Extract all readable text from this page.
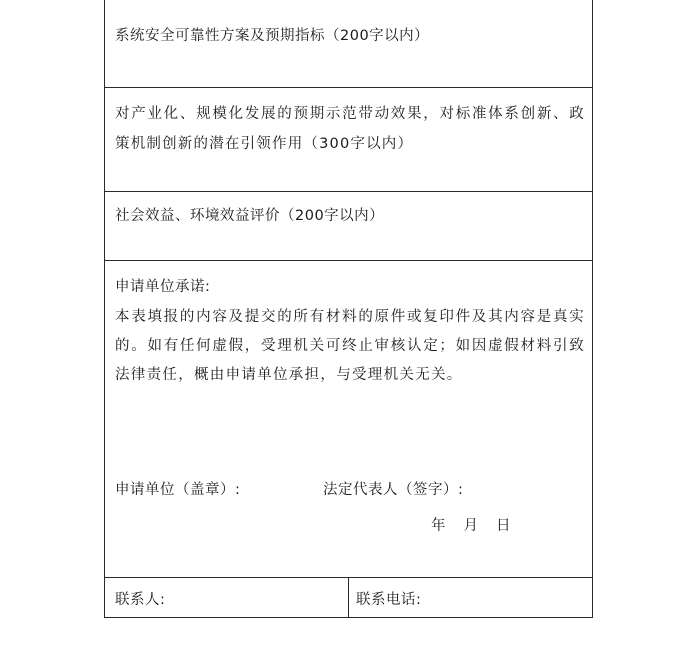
系统安全可靠性方案及预期指标（200字以内）
对产业化、规模化发展的预期示范带动效果，对标准体系创新、政策机制创新的潜在引领作用（300字以内）
社会效益、环境效益评价（200字以内）
申请单位承诺:
本表填报的内容及提交的所有材料的原件或复印件及其内容是真实的。如有任何虚假，受理机关可终止审核认定；如因虚假材料引致法律责任，概由申请单位承担，与受理机关无关。
申请单位（盖章）:	法定代表人（签字）:
年 月 日
联系人:	联系电话:
